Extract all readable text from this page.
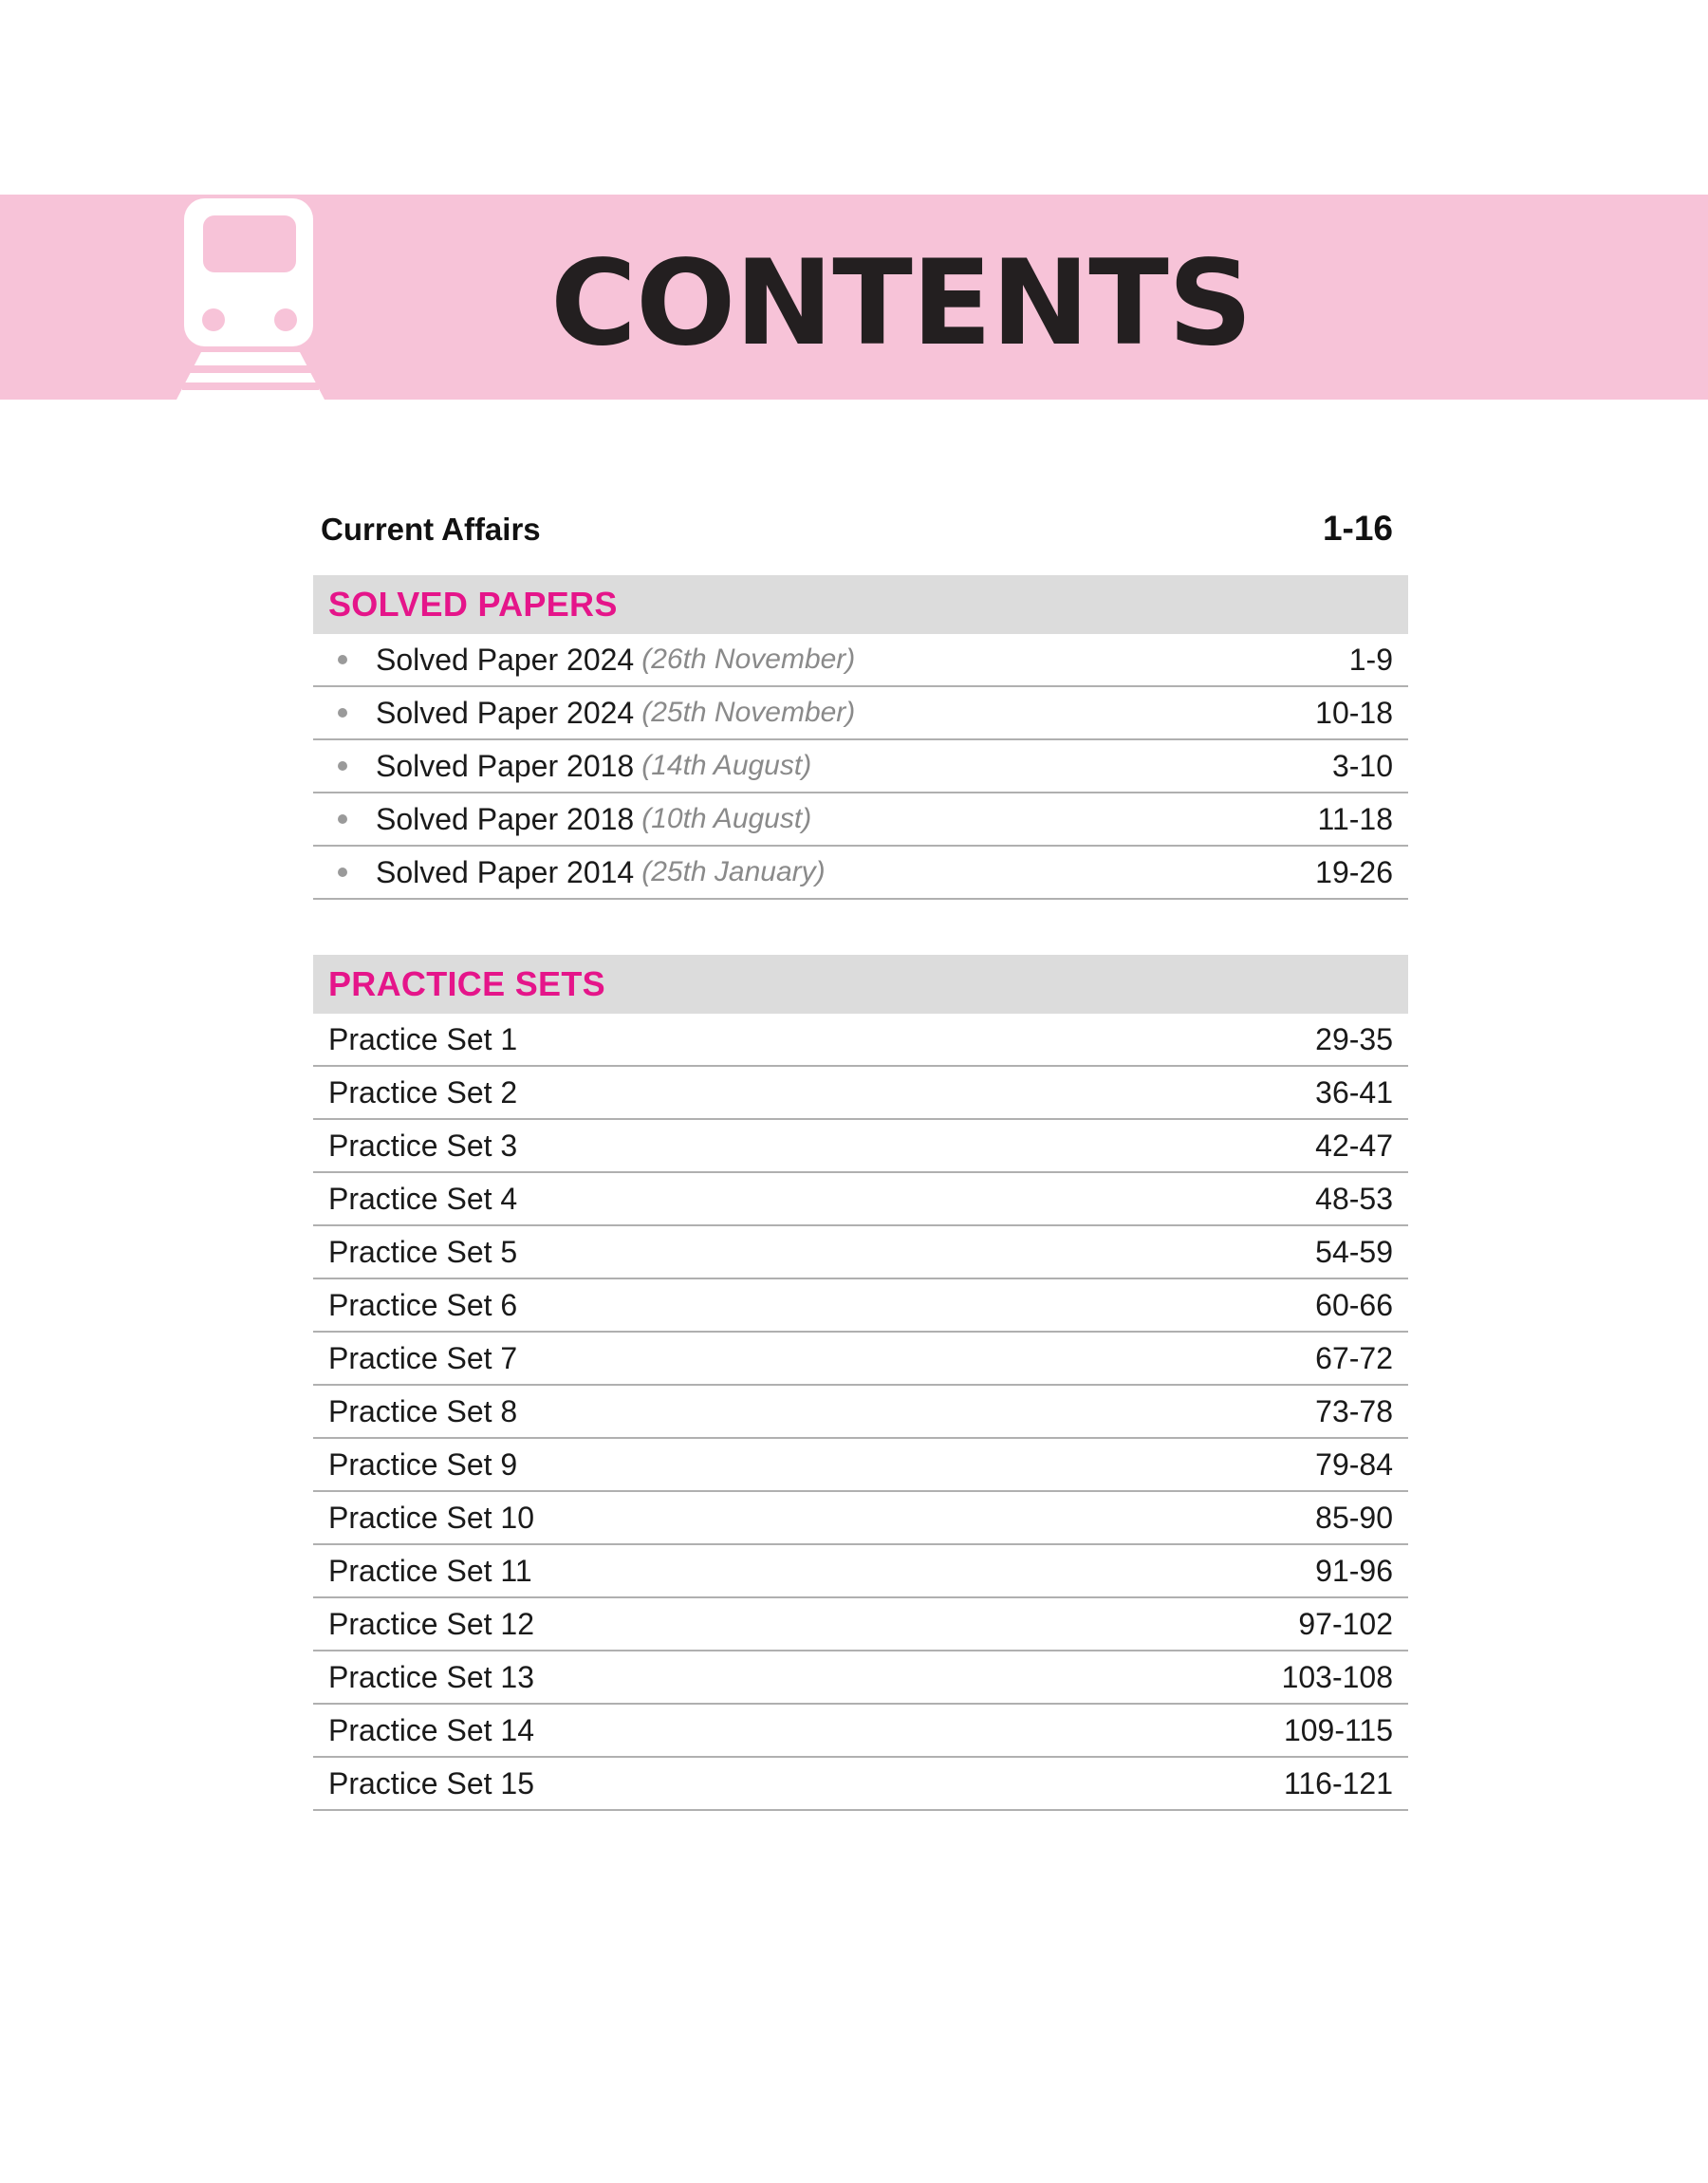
CONTENTS
Current Affairs	1-16
SOLVED PAPERS
Solved Paper 2024 (26th November)	1-9
Solved Paper 2024 (25th November)	10-18
Solved Paper 2018 (14th August)	3-10
Solved Paper 2018 (10th August)	11-18
Solved Paper 2014 (25th January)	19-26
PRACTICE SETS
Practice Set 1	29-35
Practice Set 2	36-41
Practice Set 3	42-47
Practice Set 4	48-53
Practice Set 5	54-59
Practice Set 6	60-66
Practice Set 7	67-72
Practice Set 8	73-78
Practice Set 9	79-84
Practice Set 10	85-90
Practice Set 11	91-96
Practice Set 12	97-102
Practice Set 13	103-108
Practice Set 14	109-115
Practice Set 15	116-121
